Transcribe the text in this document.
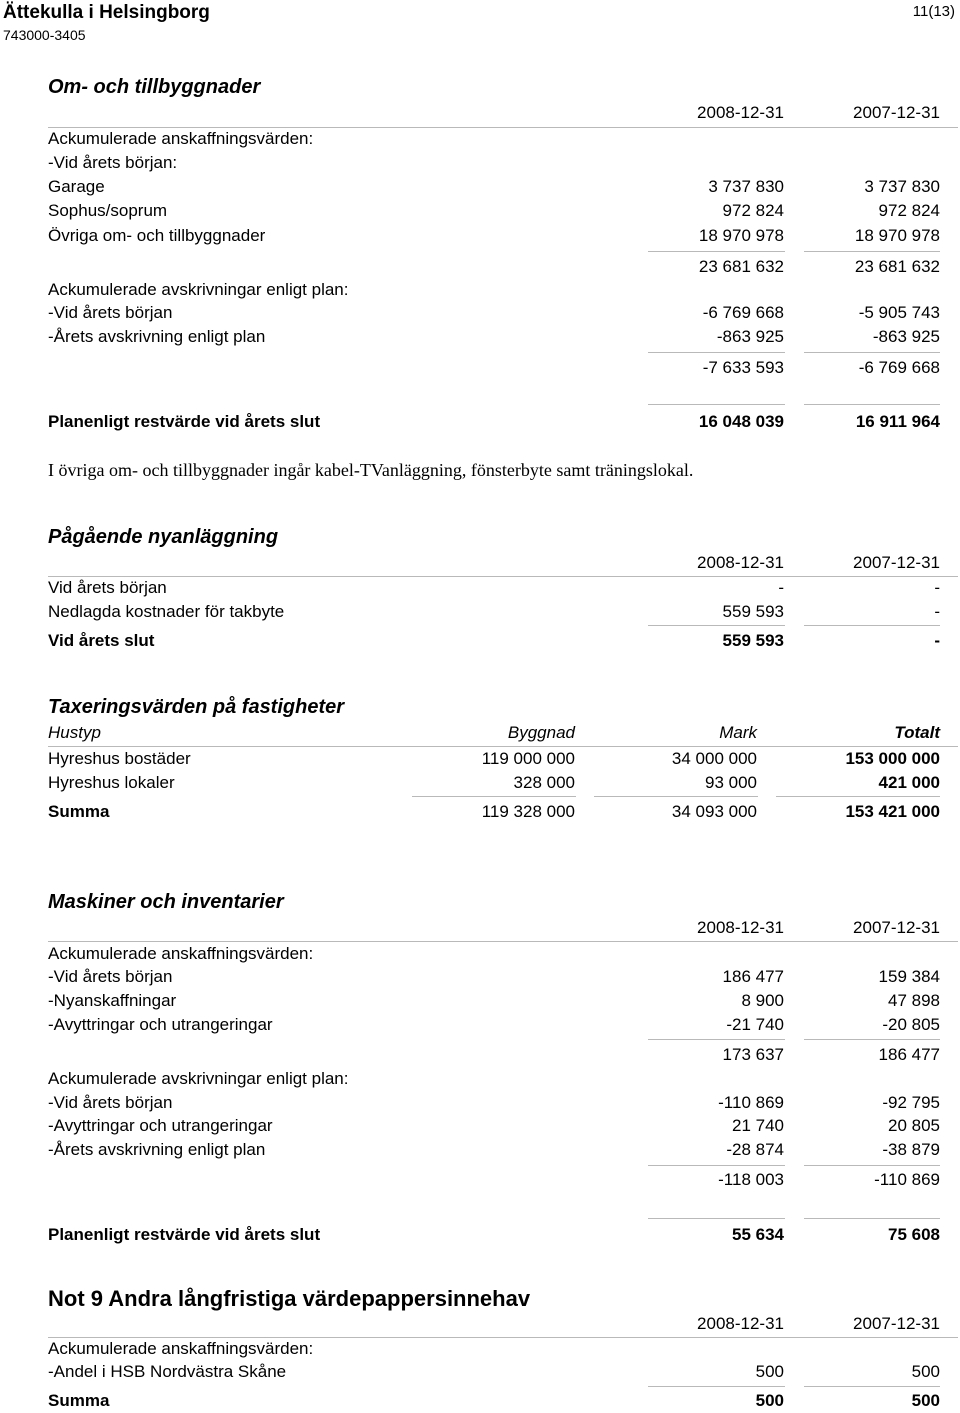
Ättekulla i Helsingborg
743000-3405
11(13)
Om- och tillbyggnader
2008-12-31	2007-12-31
Ackumulerade anskaffningsvärden:
-Vid årets början:
Garage	3 737 830	3 737 830
Sophus/soprum	972 824	972 824
Övriga om- och tillbyggnader	18 970 978	18 970 978
23 681 632	23 681 632
Ackumulerade avskrivningar enligt plan:
-Vid årets början	-6 769 668	-5 905 743
-Årets avskrivning enligt plan	-863 925	-863 925
-7 633 593	-6 769 668
Planenligt restvärde vid årets slut	16 048 039	16 911 964
I övriga om- och tillbyggnader ingår kabel-TVanläggning, fönsterbyte samt träningslokal.
Pågående nyanläggning
2008-12-31	2007-12-31
Vid årets början	-	-
Nedlagda kostnader för takbyte	559 593	-
Vid årets slut	559 593	-
Taxeringsvärden på fastigheter
Hustyp	Byggnad	Mark	Totalt
Hyreshus bostäder	119 000 000	34 000 000	153 000 000
Hyreshus lokaler	328 000	93 000	421 000
Summa	119 328 000	34 093 000	153 421 000
Maskiner och inventarier
2008-12-31	2007-12-31
Ackumulerade anskaffningsvärden:
-Vid årets början	186 477	159 384
-Nyanskaffningar	8 900	47 898
-Avyttringar och utrangeringar	-21 740	-20 805
173 637	186 477
Ackumulerade avskrivningar enligt plan:
-Vid årets början	-110 869	-92 795
-Avyttringar och utrangeringar	21 740	20 805
-Årets avskrivning enligt plan	-28 874	-38 879
-118 003	-110 869
Planenligt restvärde vid årets slut	55 634	75 608
Not 9 Andra långfristiga värdepappersinnehav
2008-12-31	2007-12-31
Ackumulerade anskaffningsvärden:
-Andel i HSB Nordvästra Skåne	500	500
Summa	500	500
